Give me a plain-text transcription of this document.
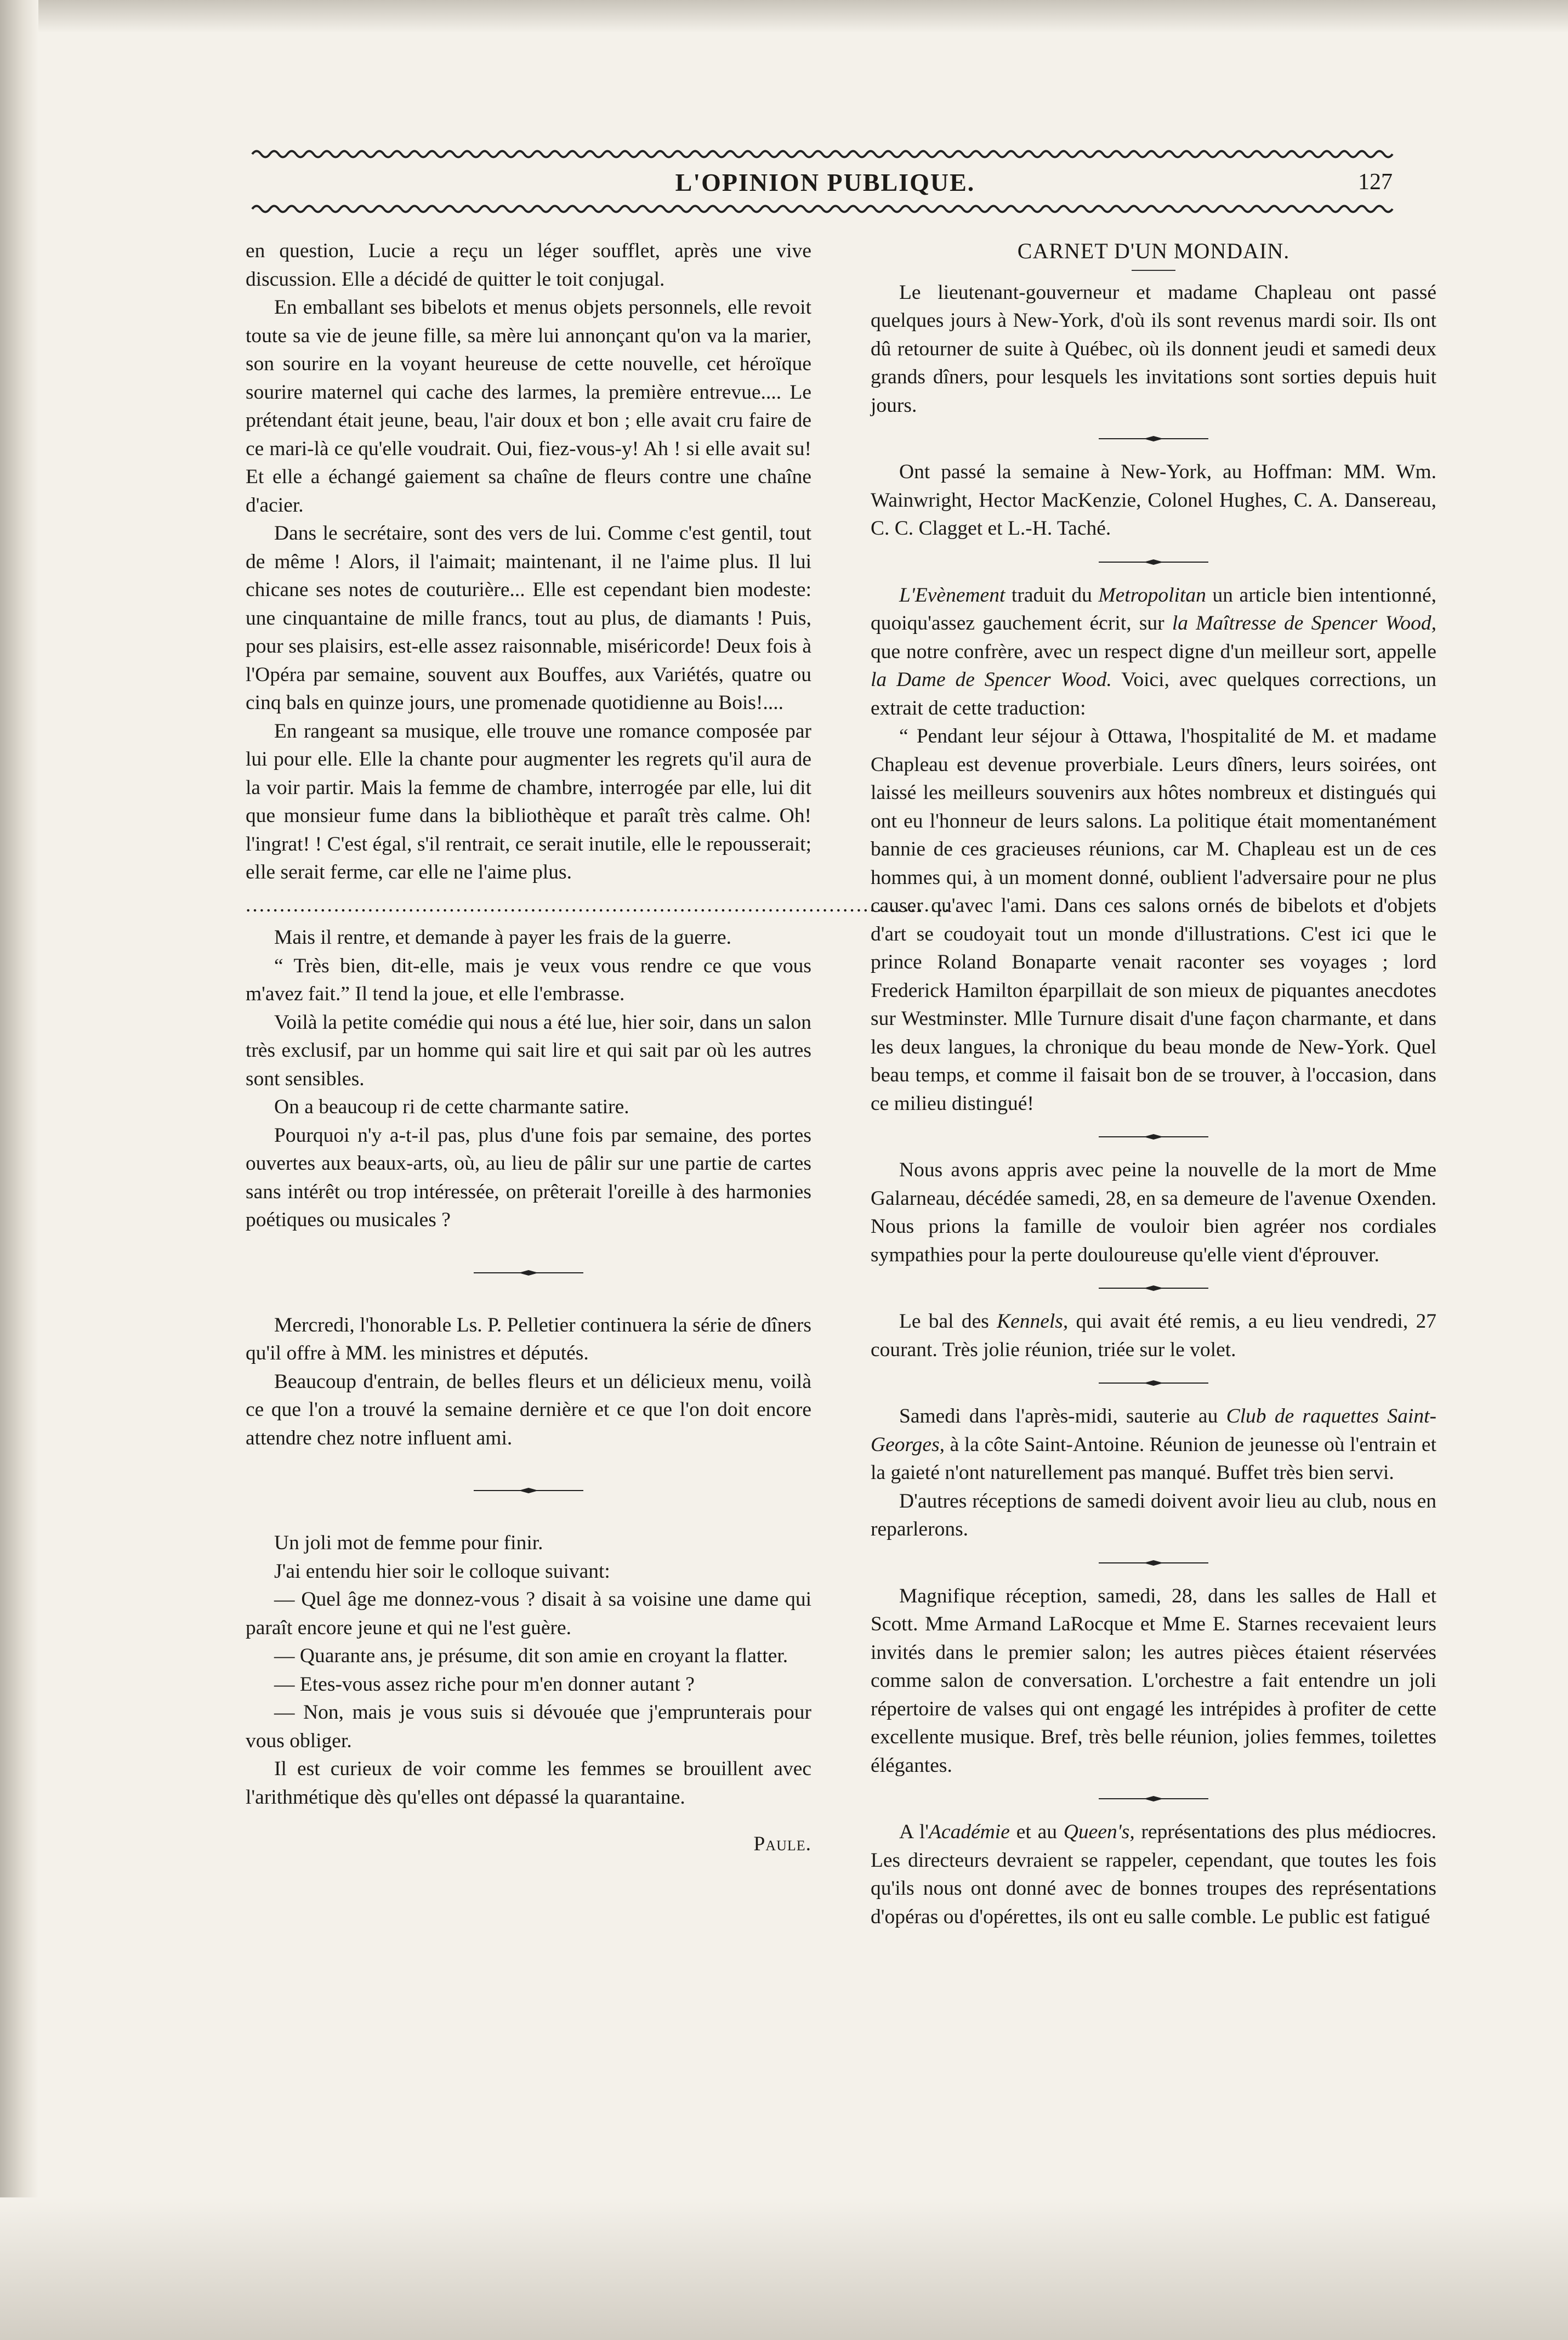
L'OPINION PUBLIQUE.	127

en question, Lucie a reçu un léger soufflet, après une vive discussion. Elle a décidé de quitter le toit conjugal.

En emballant ses bibelots et menus objets personnels, elle revoit toute sa vie de jeune fille, sa mère lui annonçant qu'on va la marier, son sourire en la voyant heureuse de cette nouvelle, cet héroïque sourire maternel qui cache des larmes, la première entrevue.... Le prétendant était jeune, beau, l'air doux et bon ; elle avait cru faire de ce mari-là ce qu'elle voudrait. Oui, fiez-vous-y! Ah ! si elle avait su! Et elle a échangé gaiement sa chaîne de fleurs contre une chaîne d'acier.

Dans le secrétaire, sont des vers de lui. Comme c'est gentil, tout de même ! Alors, il l'aimait; maintenant, il ne l'aime plus. Il lui chicane ses notes de couturière... Elle est cependant bien modeste: une cinquantaine de mille francs, tout au plus, de diamants ! Puis, pour ses plaisirs, est-elle assez raisonnable, miséricorde! Deux fois à l'Opéra par semaine, souvent aux Bouffes, aux Variétés, quatre ou cinq bals en quinze jours, une promenade quotidienne au Bois!....

En rangeant sa musique, elle trouve une romance composée par lui pour elle. Elle la chante pour augmenter les regrets qu'il aura de la voir partir. Mais la femme de chambre, interrogée par elle, lui dit que monsieur fume dans la bibliothèque et paraît très calme. Oh! l'ingrat! ! C'est égal, s'il rentrait, ce serait inutile, elle le repousserait; elle serait ferme, car elle ne l'aime plus.

........................................................................................................

Mais il rentre, et demande à payer les frais de la guerre.

“ Très bien, dit-elle, mais je veux vous rendre ce que vous m'avez fait.” Il tend la joue, et elle l'embrasse.

Voilà la petite comédie qui nous a été lue, hier soir, dans un salon très exclusif, par un homme qui sait lire et qui sait par où les autres sont sensibles.

On a beaucoup ri de cette charmante satire.

Pourquoi n'y a-t-il pas, plus d'une fois par semaine, des portes ouvertes aux beaux-arts, où, au lieu de pâlir sur une partie de cartes sans intérêt ou trop intéressée, on prêterait l'oreille à des harmonies poétiques ou musicales ?

Mercredi, l'honorable Ls. P. Pelletier continuera la série de dîners qu'il offre à MM. les ministres et députés.

Beaucoup d'entrain, de belles fleurs et un délicieux menu, voilà ce que l'on a trouvé la semaine dernière et ce que l'on doit encore attendre chez notre influent ami.

Un joli mot de femme pour finir.

J'ai entendu hier soir le colloque suivant:

— Quel âge me donnez-vous ? disait à sa voisine une dame qui paraît encore jeune et qui ne l'est guère.

— Quarante ans, je présume, dit son amie en croyant la flatter.

— Etes-vous assez riche pour m'en donner autant ?

— Non, mais je vous suis si dévouée que j'emprunterais pour vous obliger.

Il est curieux de voir comme les femmes se brouillent avec l'arithmétique dès qu'elles ont dépassé la quarantaine.

Paule.

CARNET D'UN MONDAIN.

Le lieutenant-gouverneur et madame Chapleau ont passé quelques jours à New-York, d'où ils sont revenus mardi soir. Ils ont dû retourner de suite à Québec, où ils donnent jeudi et samedi deux grands dîners, pour lesquels les invitations sont sorties depuis huit jours.

Ont passé la semaine à New-York, au Hoffman: MM. Wm. Wainwright, Hector MacKenzie, Colonel Hughes, C. A. Dansereau, C. C. Clagget et L.-H. Taché.

L'Evènement traduit du Metropolitan un article bien intentionné, quoiqu'assez gauchement écrit, sur la Maîtresse de Spencer Wood, que notre confrère, avec un respect digne d'un meilleur sort, appelle la Dame de Spencer Wood. Voici, avec quelques corrections, un extrait de cette traduction:

“ Pendant leur séjour à Ottawa, l'hospitalité de M. et madame Chapleau est devenue proverbiale. Leurs dîners, leurs soirées, ont laissé les meilleurs souvenirs aux hôtes nombreux et distingués qui ont eu l'honneur de leurs salons. La politique était momentanément bannie de ces gracieuses réunions, car M. Chapleau est un de ces hommes qui, à un moment donné, oublient l'adversaire pour ne plus causer qu'avec l'ami. Dans ces salons ornés de bibelots et d'objets d'art se coudoyait tout un monde d'illustrations. C'est ici que le prince Roland Bonaparte venait raconter ses voyages ; lord Frederick Hamilton éparpillait de son mieux de piquantes anecdotes sur Westminster. Mlle Turnure disait d'une façon charmante, et dans les deux langues, la chronique du beau monde de New-York. Quel beau temps, et comme il faisait bon de se trouver, à l'occasion, dans ce milieu distingué!

Nous avons appris avec peine la nouvelle de la mort de Mme Galarneau, décédée samedi, 28, en sa demeure de l'avenue Oxenden. Nous prions la famille de vouloir bien agréer nos cordiales sympathies pour la perte douloureuse qu'elle vient d'éprouver.

Le bal des Kennels, qui avait été remis, a eu lieu vendredi, 27 courant. Très jolie réunion, triée sur le volet.

Samedi dans l'après-midi, sauterie au Club de raquettes Saint-Georges, à la côte Saint-Antoine. Réunion de jeunesse où l'entrain et la gaieté n'ont naturellement pas manqué. Buffet très bien servi.

D'autres réceptions de samedi doivent avoir lieu au club, nous en reparlerons.

Magnifique réception, samedi, 28, dans les salles de Hall et Scott. Mme Armand LaRocque et Mme E. Starnes recevaient leurs invités dans le premier salon; les autres pièces étaient réservées comme salon de conversation. L'orchestre a fait entendre un joli répertoire de valses qui ont engagé les intrépides à profiter de cette excellente musique. Bref, très belle réunion, jolies femmes, toilettes élégantes.

A l'Académie et au Queen's, représentations des plus médiocres. Les directeurs devraient se rappeler, cependant, que toutes les fois qu'ils nous ont donné avec de bonnes troupes des représentations d'opéras ou d'opérettes, ils ont eu salle comble. Le public est fatigué
